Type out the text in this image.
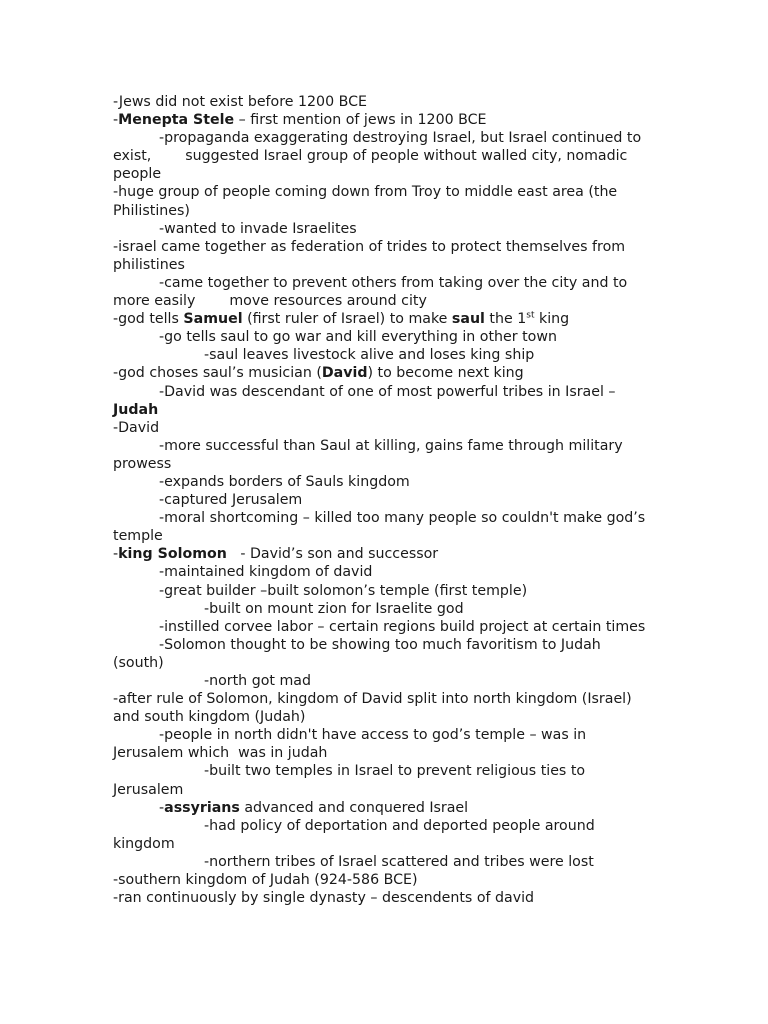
-Jews did not exist before 1200 BCE

-Menepta Stele – first mention of jews in 1200 BCE

-propaganda exaggerating destroying Israel, but Israel continued to exist, suggested Israel group of people without walled city, nomadic people

-huge group of people coming down from Troy to middle east area (the Philistines)

-wanted to invade Israelites

-israel came together as federation of trides to protect themselves from philistines

-came together to prevent others from taking over the city and to more easily move resources around city

-god tells Samuel (first ruler of Israel) to make saul the 1st king

-go tells saul to go war and kill everything in other town

-saul leaves livestock alive and loses king ship

-god choses saul’s musician (David) to become next king

-David was descendant of one of most powerful tribes in Israel – Judah

-David

-more successful than Saul at killing, gains fame through military prowess

-expands borders of Sauls kingdom

-captured Jerusalem

-moral shortcoming – killed too many people so couldn't make god’s temple

-king Solomon - David’s son and successor

-maintained kingdom of david

-great builder –built solomon’s temple (first temple)

-built on mount zion for Israelite god

-instilled corvee labor – certain regions build project at certain times

-Solomon thought to be showing too much favoritism to Judah (south)

-north got mad

-after rule of Solomon, kingdom of David split into north kingdom (Israel) and south kingdom (Judah)

-people in north didn't have access to god’s temple – was in Jerusalem which was in judah

-built two temples in Israel to prevent religious ties to Jerusalem

-assyrians advanced and conquered Israel

-had policy of deportation and deported people around kingdom

-northern tribes of Israel scattered and tribes were lost

-southern kingdom of Judah (924-586 BCE)

-ran continuously by single dynasty – descendents of david
